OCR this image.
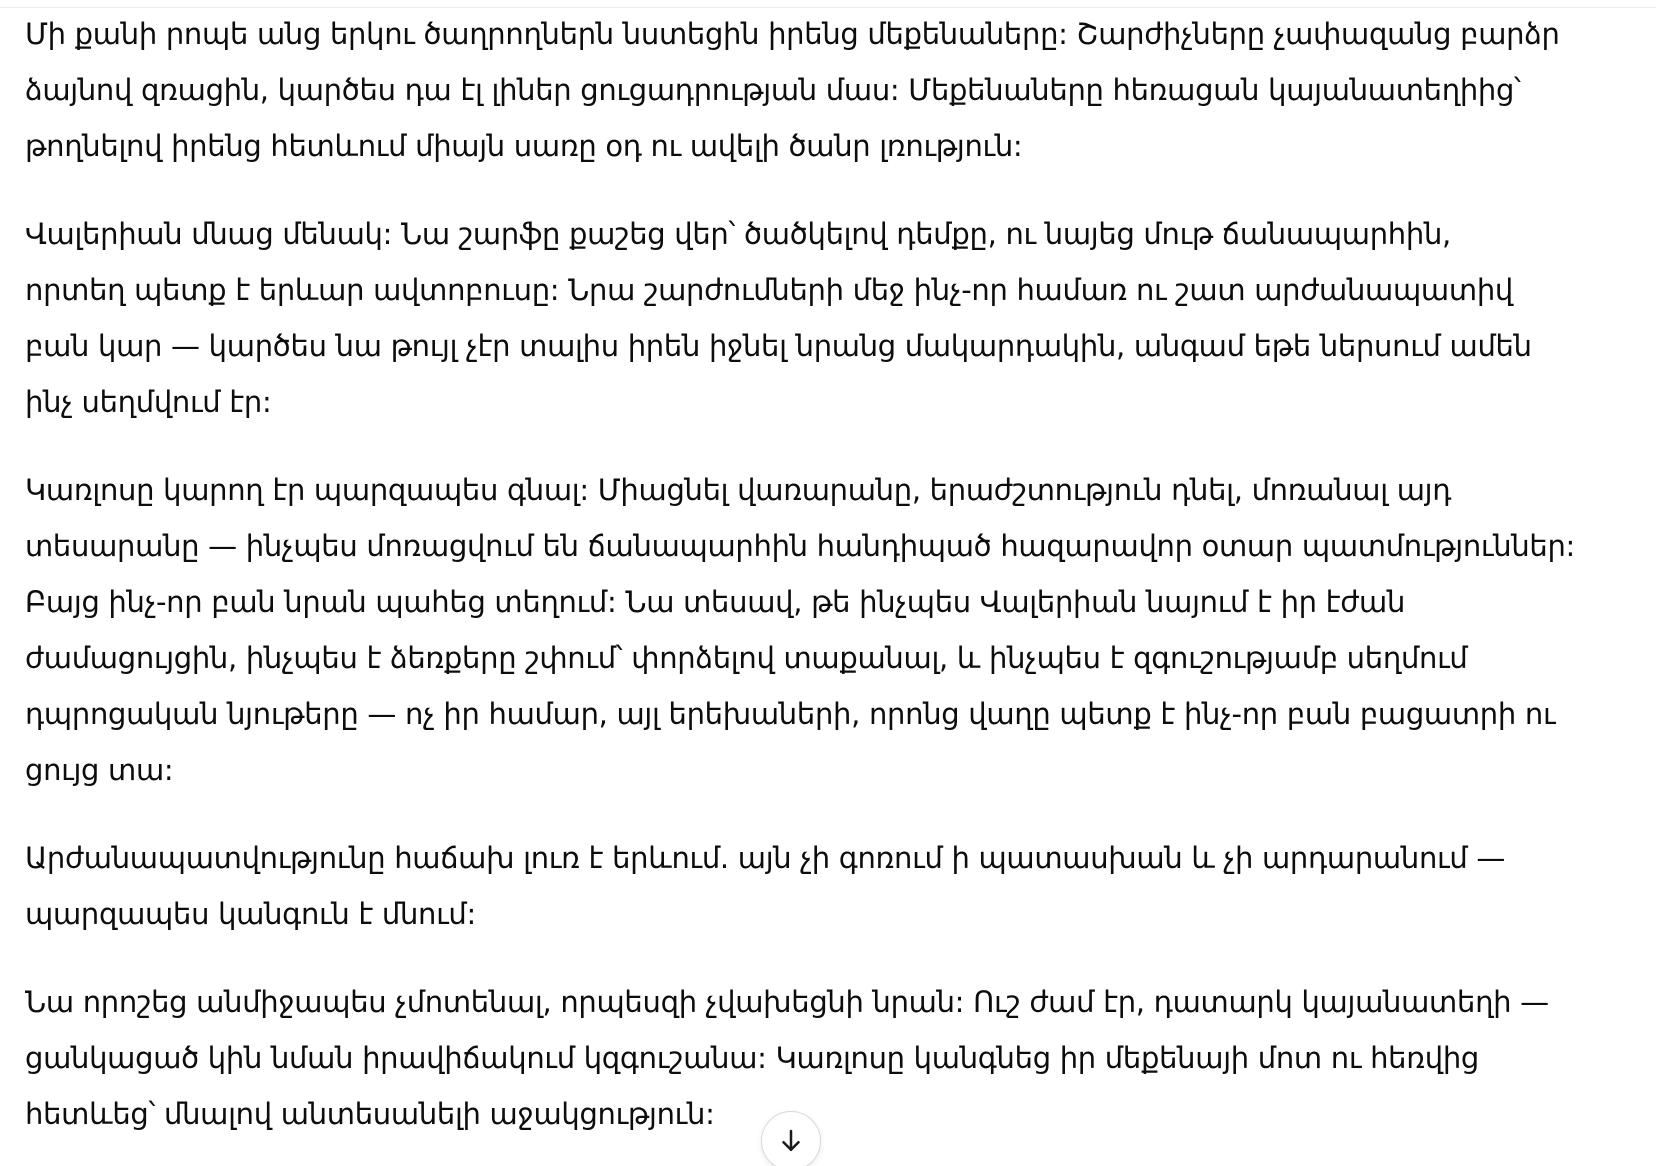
Մի քանի րոպե անց երկու ծաղրողներն նստեցին իրենց մեքենաները: Շարժիչները չափազանց բարձր
ձայնով զռացին, կարծես դա էլ լիներ ցուցադրության մաս: Մեքենաները հեռացան կայանատեղիից՝
թողնելով իրենց հետևում միայն սառը օդ ու ավելի ծանր լռություն:

Վալերիան մնաց մենակ: Նա շարֆը քաշեց վեր՝ ծածկելով դեմքը, ու նայեց մութ ճանապարհին,
որտեղ պետք է երևար ավտոբուսը: Նրա շարժումների մեջ ինչ-որ համառ ու շատ արժանապատիվ
բան կար — կարծես նա թույլ չէր տալիս իրեն իջնել նրանց մակարդակին, անգամ եթե ներսում ամեն
ինչ սեղմվում էր:

Կառլոսը կարող էր պարզապես գնալ: Միացնել վառարանը, երաժշտություն դնել, մոռանալ այդ
տեսարանը — ինչպես մոռացվում են ճանապարհին հանդիպած հազարավոր օտար պատմություններ:
Բայց ինչ-որ բան նրան պահեց տեղում: Նա տեսավ, թե ինչպես Վալերիան նայում է իր էժան
ժամացույցին, ինչպես է ձեռքերը շփում՝ փորձելով տաքանալ, և ինչպես է զգուշությամբ սեղմում
դպրոցական նյութերը — ոչ իր համար, այլ երեխաների, որոնց վաղը պետք է ինչ-որ բան բացատրի ու
ցույց տա:

Արժանապատվությունը հաճախ լուռ է երևում. այն չի գոռում ի պատասխան և չի արդարանում —
պարզապես կանգուն է մնում:

Նա որոշեց անմիջապես չմոտենալ, որպեսզի չվախեցնի նրան: Ուշ ժամ էր, դատարկ կայանատեղի —
ցանկացած կին նման իրավիճակում կզգուշանա: Կառլոսը կանգնեց իր մեքենայի մոտ ու հեռվից
հետևեց՝ մնալով անտեսանելի աջակցություն:
